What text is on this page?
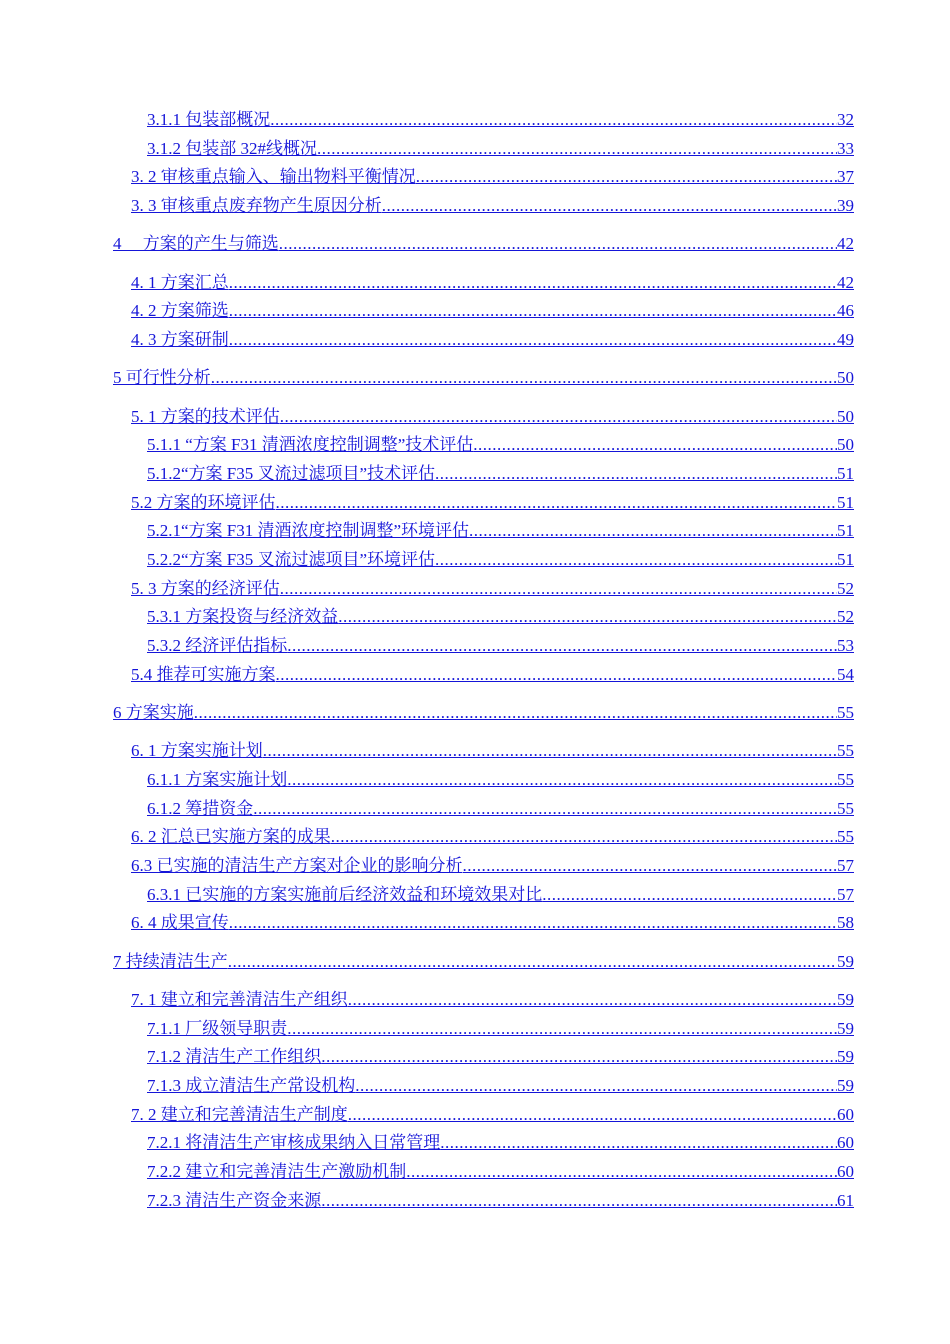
3.1.1 包装部概况 .....	32
3.1.2 包装部 32#线概况 .....	33
3. 2 审核重点输入、输出物料平衡情况 .....	37
3. 3 审核重点废弃物产生原因分析 .....	39
4　 方案的产生与筛选 .....	42
4. 1 方案汇总 .....	42
4. 2 方案筛选 .....	46
4. 3 方案研制 .....	49
5 可行性分析 .....	50
5. 1 方案的技术评估 .....	50
5.1.1 “方案 F31 清酒浓度控制调整”技术评估 .....	50
5.1.2“方案 F35 叉流过滤项目”技术评估 .....	51
5.2 方案的环境评估 .....	51
5.2.1“方案 F31 清酒浓度控制调整”环境评估 .....	51
5.2.2“方案 F35 叉流过滤项目”环境评估 .....	51
5. 3 方案的经济评估 .....	52
5.3.1 方案投资与经济效益 .....	52
5.3.2 经济评估指标 .....	53
5.4 推荐可实施方案 .....	54
6 方案实施 .....	55
6. 1 方案实施计划 .....	55
6.1.1 方案实施计划 .....	55
6.1.2 筹措资金 .....	55
6. 2 汇总已实施方案的成果 .....	55
6.3 已实施的清洁生产方案对企业的影响分析 .....	57
6.3.1 已实施的方案实施前后经济效益和环境效果对比 .....	57
6. 4 成果宣传 .....	58
7 持续清洁生产 .....	59
7. 1 建立和完善清洁生产组织 .....	59
7.1.1 厂级领导职责 .....	59
7.1.2 清洁生产工作组织 .....	59
7.1.3 成立清洁生产常设机构 .....	59
7. 2 建立和完善清洁生产制度 .....	60
7.2.1 将清洁生产审核成果纳入日常管理 .....	60
7.2.2 建立和完善清洁生产激励机制 .....	60
7.2.3 清洁生产资金来源 .....	61
